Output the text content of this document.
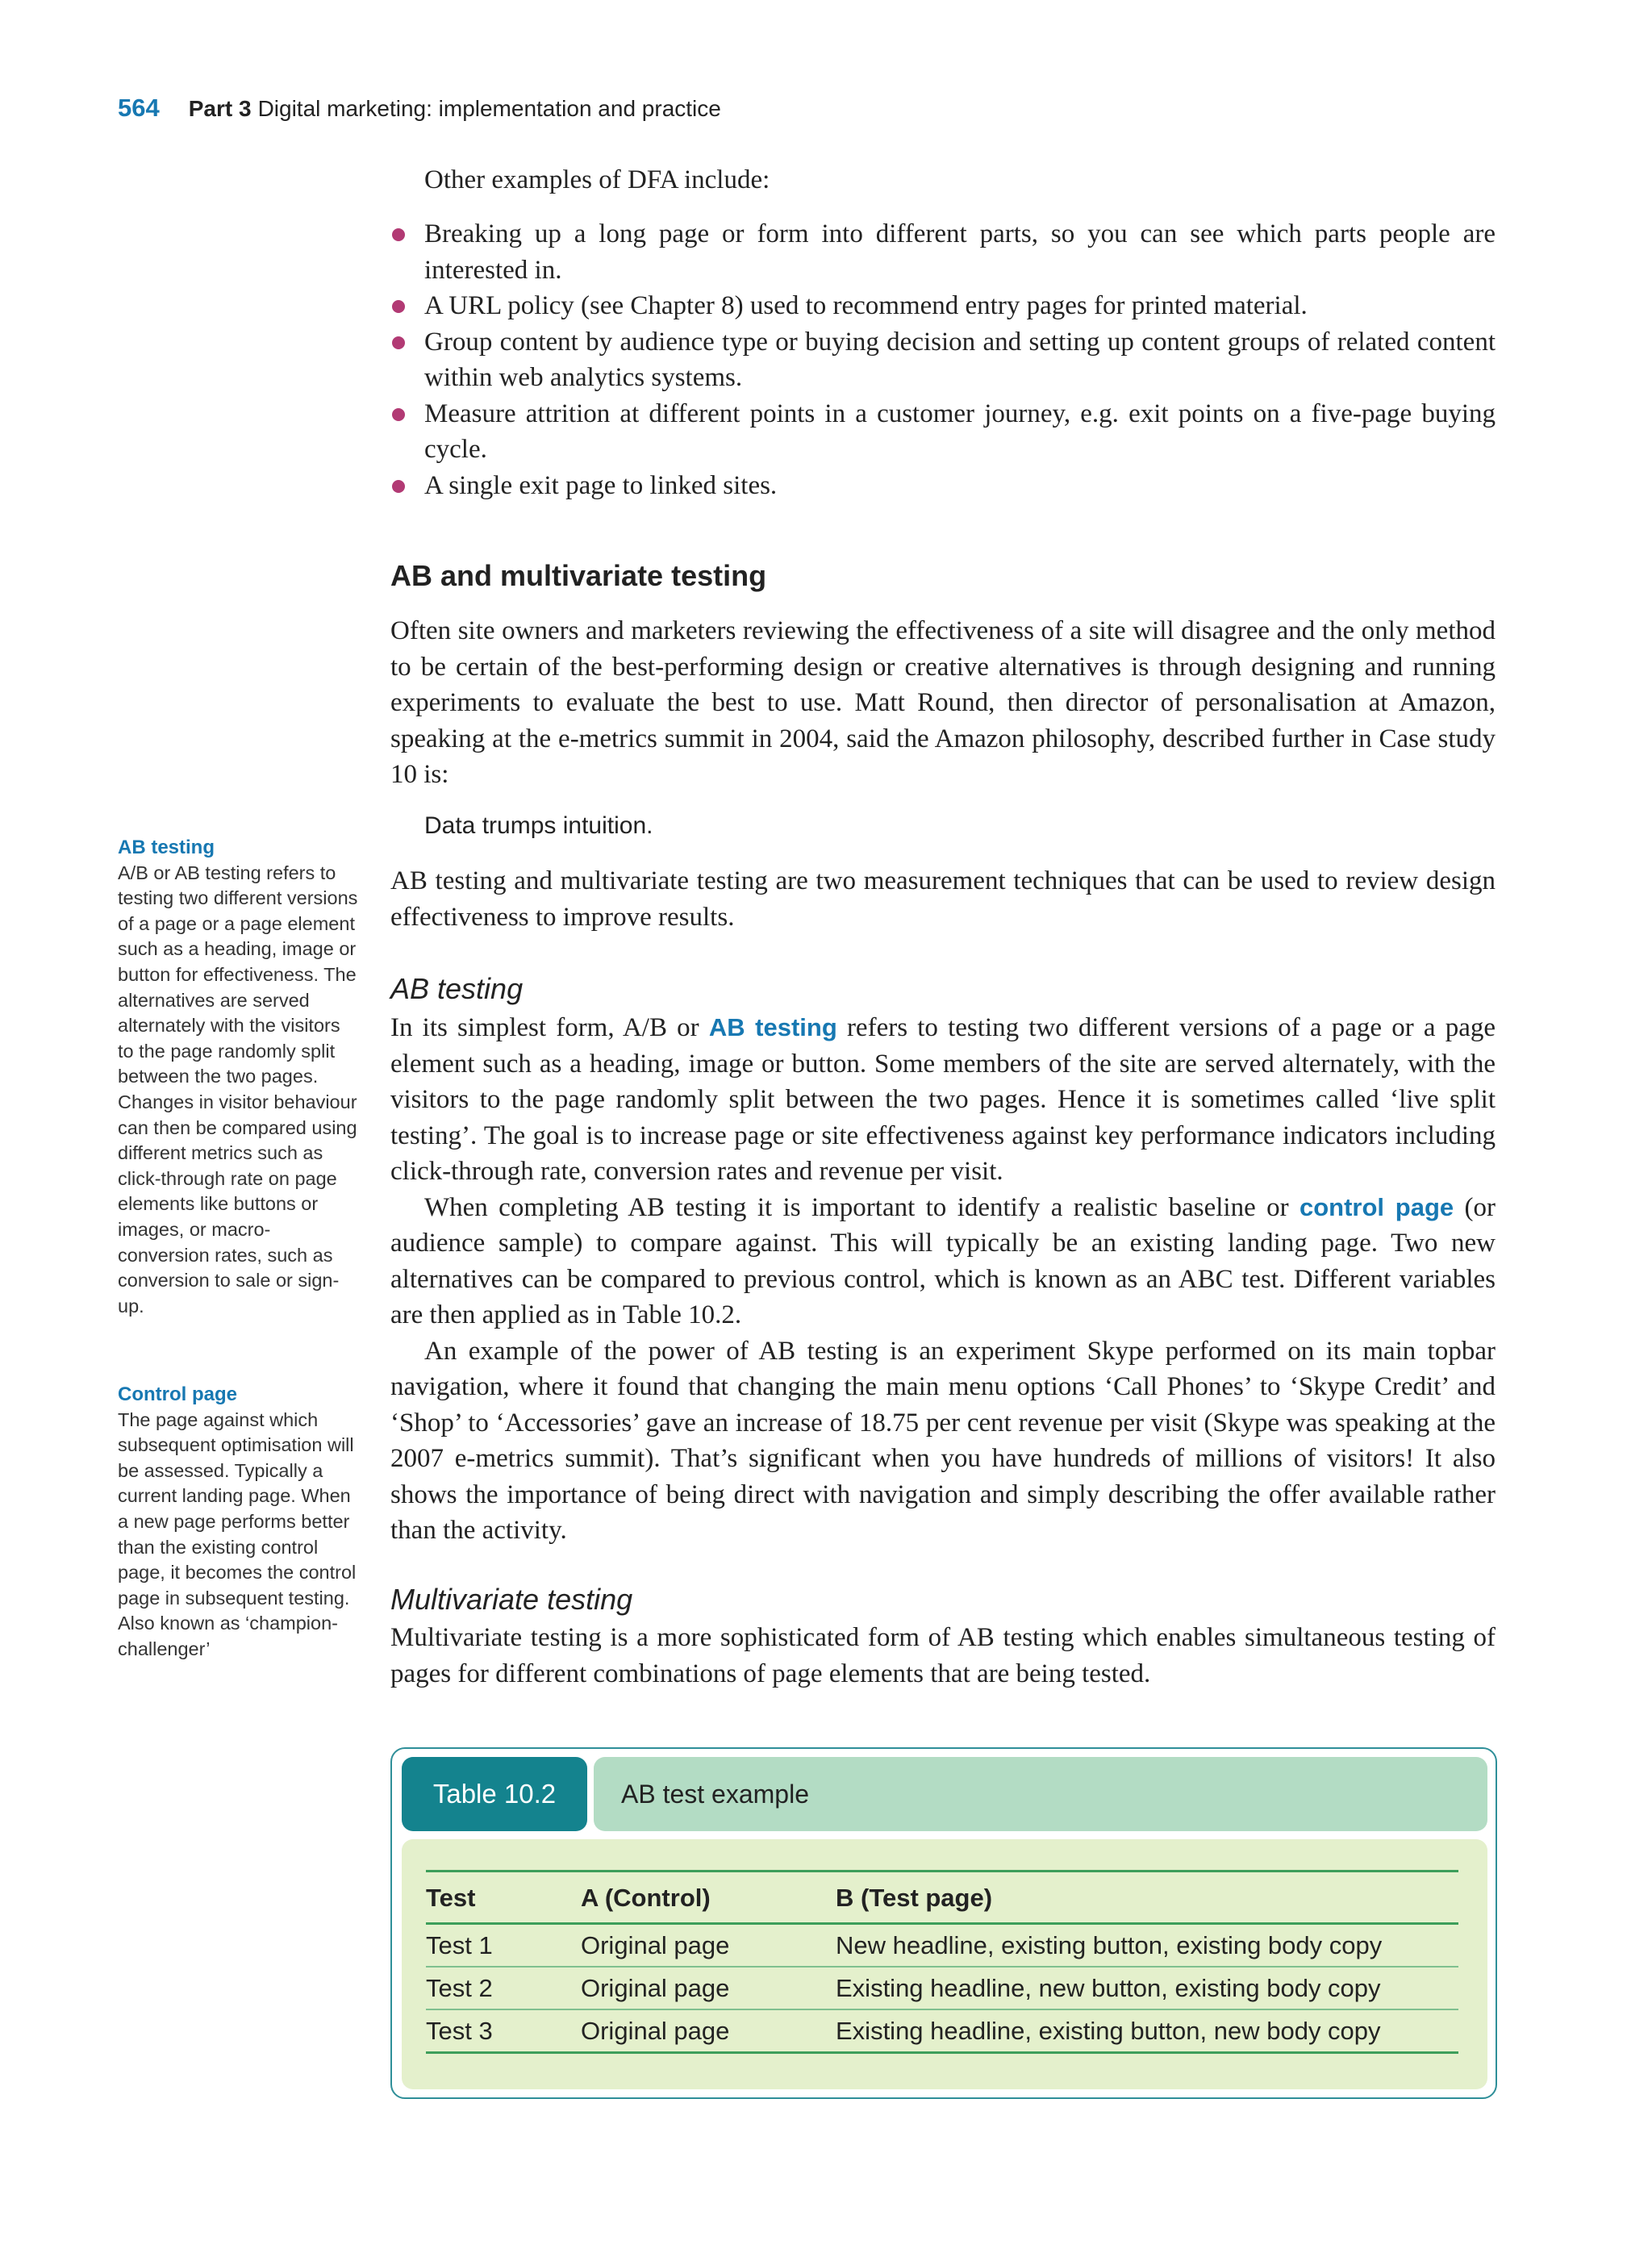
564 Part 3 Digital marketing: implementation and practice
Other examples of DFA include:
Breaking up a long page or form into different parts, so you can see which parts people are interested in.
A URL policy (see Chapter 8) used to recommend entry pages for printed material.
Group content by audience type or buying decision and setting up content groups of related content within web analytics systems.
Measure attrition at different points in a customer journey, e.g. exit points on a five-page buying cycle.
A single exit page to linked sites.
AB and multivariate testing

Often site owners and marketers reviewing the effectiveness of a site will disagree and the only method to be certain of the best-performing design or creative alternatives is through designing and running experiments to evaluate the best to use. Matt Round, then director of personalisation at Amazon, speaking at the e-metrics summit in 2004, said the Amazon philosophy, described further in Case study 10 is:

Data trumps intuition.

AB testing and multivariate testing are two measurement techniques that can be used to review design effectiveness to improve results.

AB testing

In its simplest form, A/B or AB testing refers to testing two different versions of a page or a page element such as a heading, image or button. Some members of the site are served alternately, with the visitors to the page randomly split between the two pages. Hence it is sometimes called ‘live split testing’. The goal is to increase page or site effectiveness against key performance indicators including click-through rate, conversion rates and revenue per visit.

When completing AB testing it is important to identify a realistic baseline or control page (or audience sample) to compare against. This will typically be an existing landing page. Two new alternatives can be compared to previous control, which is known as an ABC test. Different variables are then applied as in Table 10.2.

An example of the power of AB testing is an experiment Skype performed on its main topbar navigation, where it found that changing the main menu options ‘Call Phones’ to ‘Skype Credit’ and ‘Shop’ to ‘Accessories’ gave an increase of 18.75 per cent revenue per visit (Skype was speaking at the 2007 e-metrics summit). That’s significant when you have hundreds of millions of visitors! It also shows the importance of being direct with navigation and simply describing the offer available rather than the activity.

Multivariate testing

Multivariate testing is a more sophisticated form of AB testing which enables simultaneous testing of pages for different combinations of page elements that are being tested.

AB testing
A/B or AB testing refers to testing two different versions of a page or a page element such as a heading, image or button for effectiveness. The alternatives are served alternately with the visitors to the page randomly split between the two pages. Changes in visitor behaviour can then be compared using different metrics such as click-through rate on page elements like buttons or images, or macro-conversion rates, such as conversion to sale or sign-up.
Control page
The page against which subsequent optimisation will be assessed. Typically a current landing page. When a new page performs better than the existing control page, it becomes the control page in subsequent testing. Also known as ‘champion-challenger’
Table 10.2	AB test example
Test	A (Control)	B (Test page)
Test 1	Original page	New headline, existing button, existing body copy
Test 2	Original page	Existing headline, new button, existing body copy
Test 3	Original page	Existing headline, existing button, new body copy
